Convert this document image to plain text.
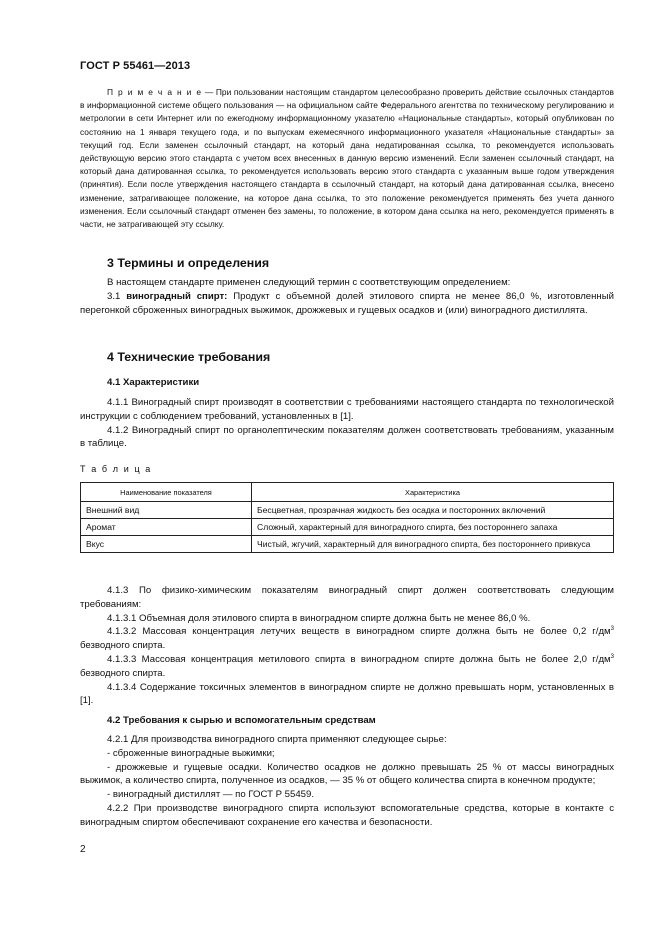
ГОСТ Р 55461—2013

П р и м е ч а н и е — При пользовании настоящим стандартом целесообразно проверить действие ссылочных стандартов в информационной системе общего пользования — на официальном сайте Федерального агентства по техническому регулированию и метрологии в сети Интернет или по ежегодному информационному указателю «Национальные стандарты», который опубликован по состоянию на 1 января текущего года, и по выпускам ежемесячного информационного указателя «Национальные стандарты» за текущий год. Если заменен ссылочный стандарт, на который дана недатированная ссылка, то рекомендуется использовать действующую версию этого стандарта с учетом всех внесенных в данную версию изменений. Если заменен ссылочный стандарт, на который дана датированная ссылка, то рекомендуется использовать версию этого стандарта с указанным выше годом утверждения (принятия). Если после утверждения настоящего стандарта в ссылочный стандарт, на который дана датированная ссылка, внесено изменение, затрагивающее положение, на которое дана ссылка, то это положение рекомендуется применять без учета данного изменения. Если ссылочный стандарт отменен без замены, то положение, в котором дана ссылка на него, рекомендуется применять в части, не затрагивающей эту ссылку.

3 Термины и определения

В настоящем стандарте применен следующий термин с соответствующим определением:

3.1 виноградный спирт: Продукт с объемной долей этилового спирта не менее 86,0 %, изготовленный перегонкой сброженных виноградных выжимок, дрожжевых и гущевых осадков и (или) виноградного дистиллята.

4 Технические требования
4.1 Характеристики

4.1.1 Виноградный спирт производят в соответствии с требованиями настоящего стандарта по технологической инструкции с соблюдением требований, установленных в [1].

4.1.2 Виноградный спирт по органолептическим показателям должен соответствовать требованиям, указанным в таблице.

Т а б л и ц а
Наименование показателя	Характеристика
Внешний вид	Бесцветная, прозрачная жидкость без осадка и посторонних включений
Аромат	Сложный, характерный для виноградного спирта, без постороннего запаха
Вкус	Чистый, жгучий, характерный для виноградного спирта, без постороннего привкуса

4.1.3 По физико-химическим показателям виноградный спирт должен соответствовать следующим требованиям:

4.1.3.1 Объемная доля этилового спирта в виноградном спирте должна быть не менее 86,0 %.

4.1.3.2 Массовая концентрация летучих веществ в виноградном спирте должна быть не более 0,2 $г/дм^3$ безводного спирта.

4.1.3.3 Массовая концентрация метилового спирта в виноградном спирте должна быть не более 2,0 $г/дм^3$ безводного спирта.

4.1.3.4 Содержание токсичных элементов в виноградном спирте не должно превышать норм, установленных в [1].

4.2 Требования к сырью и вспомогательным средствам

4.2.1 Для производства виноградного спирта применяют следующее сырье:

- сброженные виноградные выжимки;

- дрожжевые и гущевые осадки. Количество осадков не должно превышать 25 % от массы виноградных выжимок, а количество спирта, полученное из осадков, — 35 % от общего количества спирта в конечном продукте;

- виноградный дистиллят — по ГОСТ Р 55459.

4.2.2 При производстве виноградного спирта используют вспомогательные средства, которые в контакте с виноградным спиртом обеспечивают сохранение его качества и безопасности.

2
